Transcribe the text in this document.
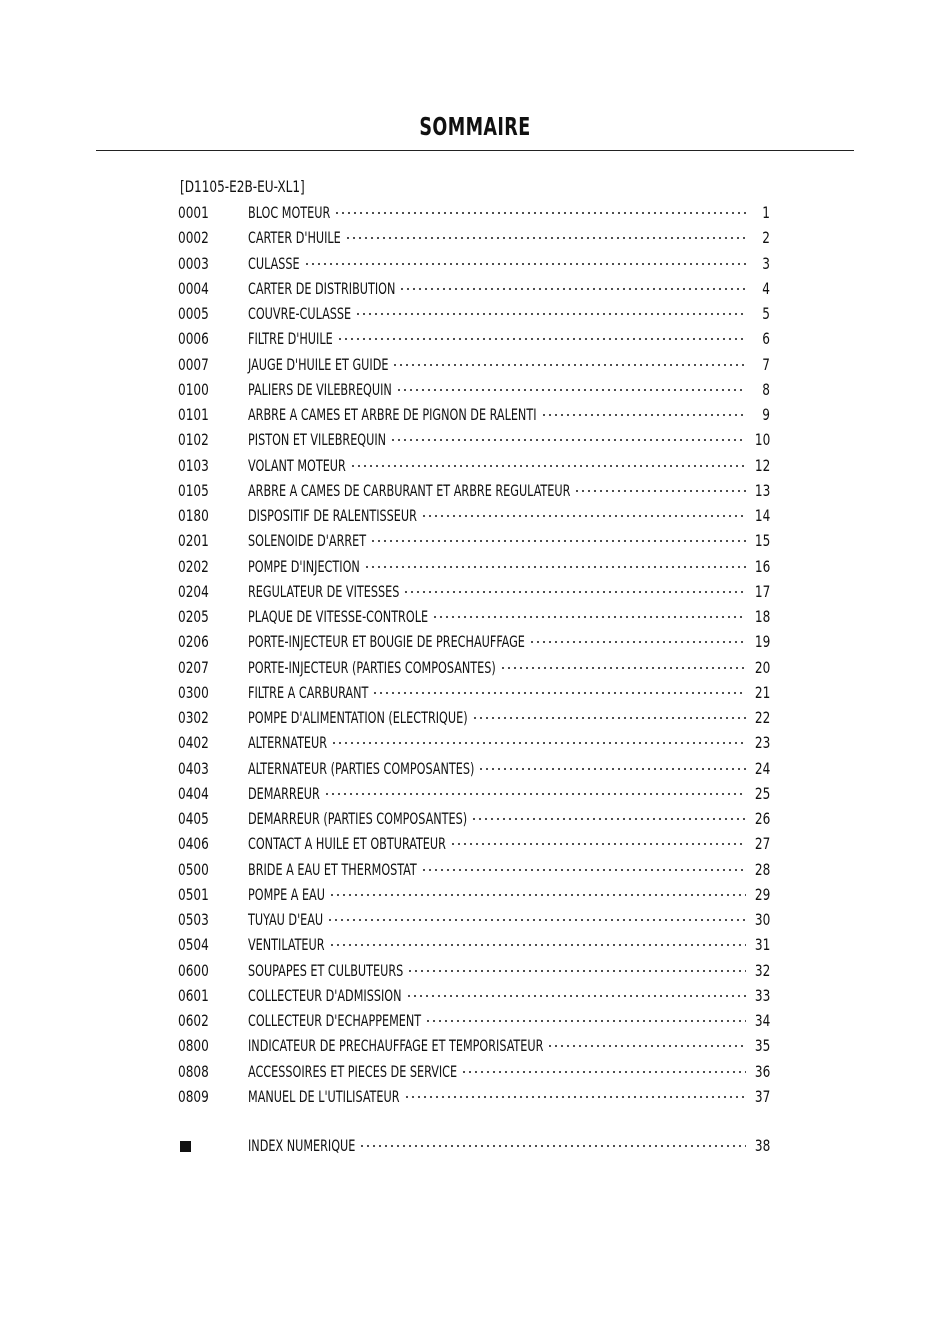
SOMMAIRE
[D1105-E2B-EU-XL1]
0001	BLOC MOTEUR	1
0002	CARTER D'HUILE	2
0003	CULASSE	3
0004	CARTER DE DISTRIBUTION	4
0005	COUVRE-CULASSE	5
0006	FILTRE D'HUILE	6
0007	JAUGE D'HUILE ET GUIDE	7
0100	PALIERS DE VILEBREQUIN	8
0101	ARBRE A CAMES ET ARBRE DE PIGNON DE RALENTI	9
0102	PISTON ET VILEBREQUIN	10
0103	VOLANT MOTEUR	12
0105	ARBRE A CAMES DE CARBURANT ET ARBRE REGULATEUR	13
0180	DISPOSITIF DE RALENTISSEUR	14
0201	SOLENOIDE D'ARRET	15
0202	POMPE D'INJECTION	16
0204	REGULATEUR DE VITESSES	17
0205	PLAQUE DE VITESSE-CONTROLE	18
0206	PORTE-INJECTEUR ET BOUGIE DE PRECHAUFFAGE	19
0207	PORTE-INJECTEUR (PARTIES COMPOSANTES)	20
0300	FILTRE A CARBURANT	21
0302	POMPE D'ALIMENTATION (ELECTRIQUE)	22
0402	ALTERNATEUR	23
0403	ALTERNATEUR (PARTIES COMPOSANTES)	24
0404	DEMARREUR	25
0405	DEMARREUR (PARTIES COMPOSANTES)	26
0406	CONTACT A HUILE ET OBTURATEUR	27
0500	BRIDE A EAU ET THERMOSTAT	28
0501	POMPE A EAU	29
0503	TUYAU D'EAU	30
0504	VENTILATEUR	31
0600	SOUPAPES ET CULBUTEURS	32
0601	COLLECTEUR D'ADMISSION	33
0602	COLLECTEUR D'ECHAPPEMENT	34
0800	INDICATEUR DE PRECHAUFFAGE ET TEMPORISATEUR	35
0808	ACCESSOIRES ET PIECES DE SERVICE	36
0809	MANUEL DE L'UTILISATEUR	37
INDEX NUMERIQUE	38
